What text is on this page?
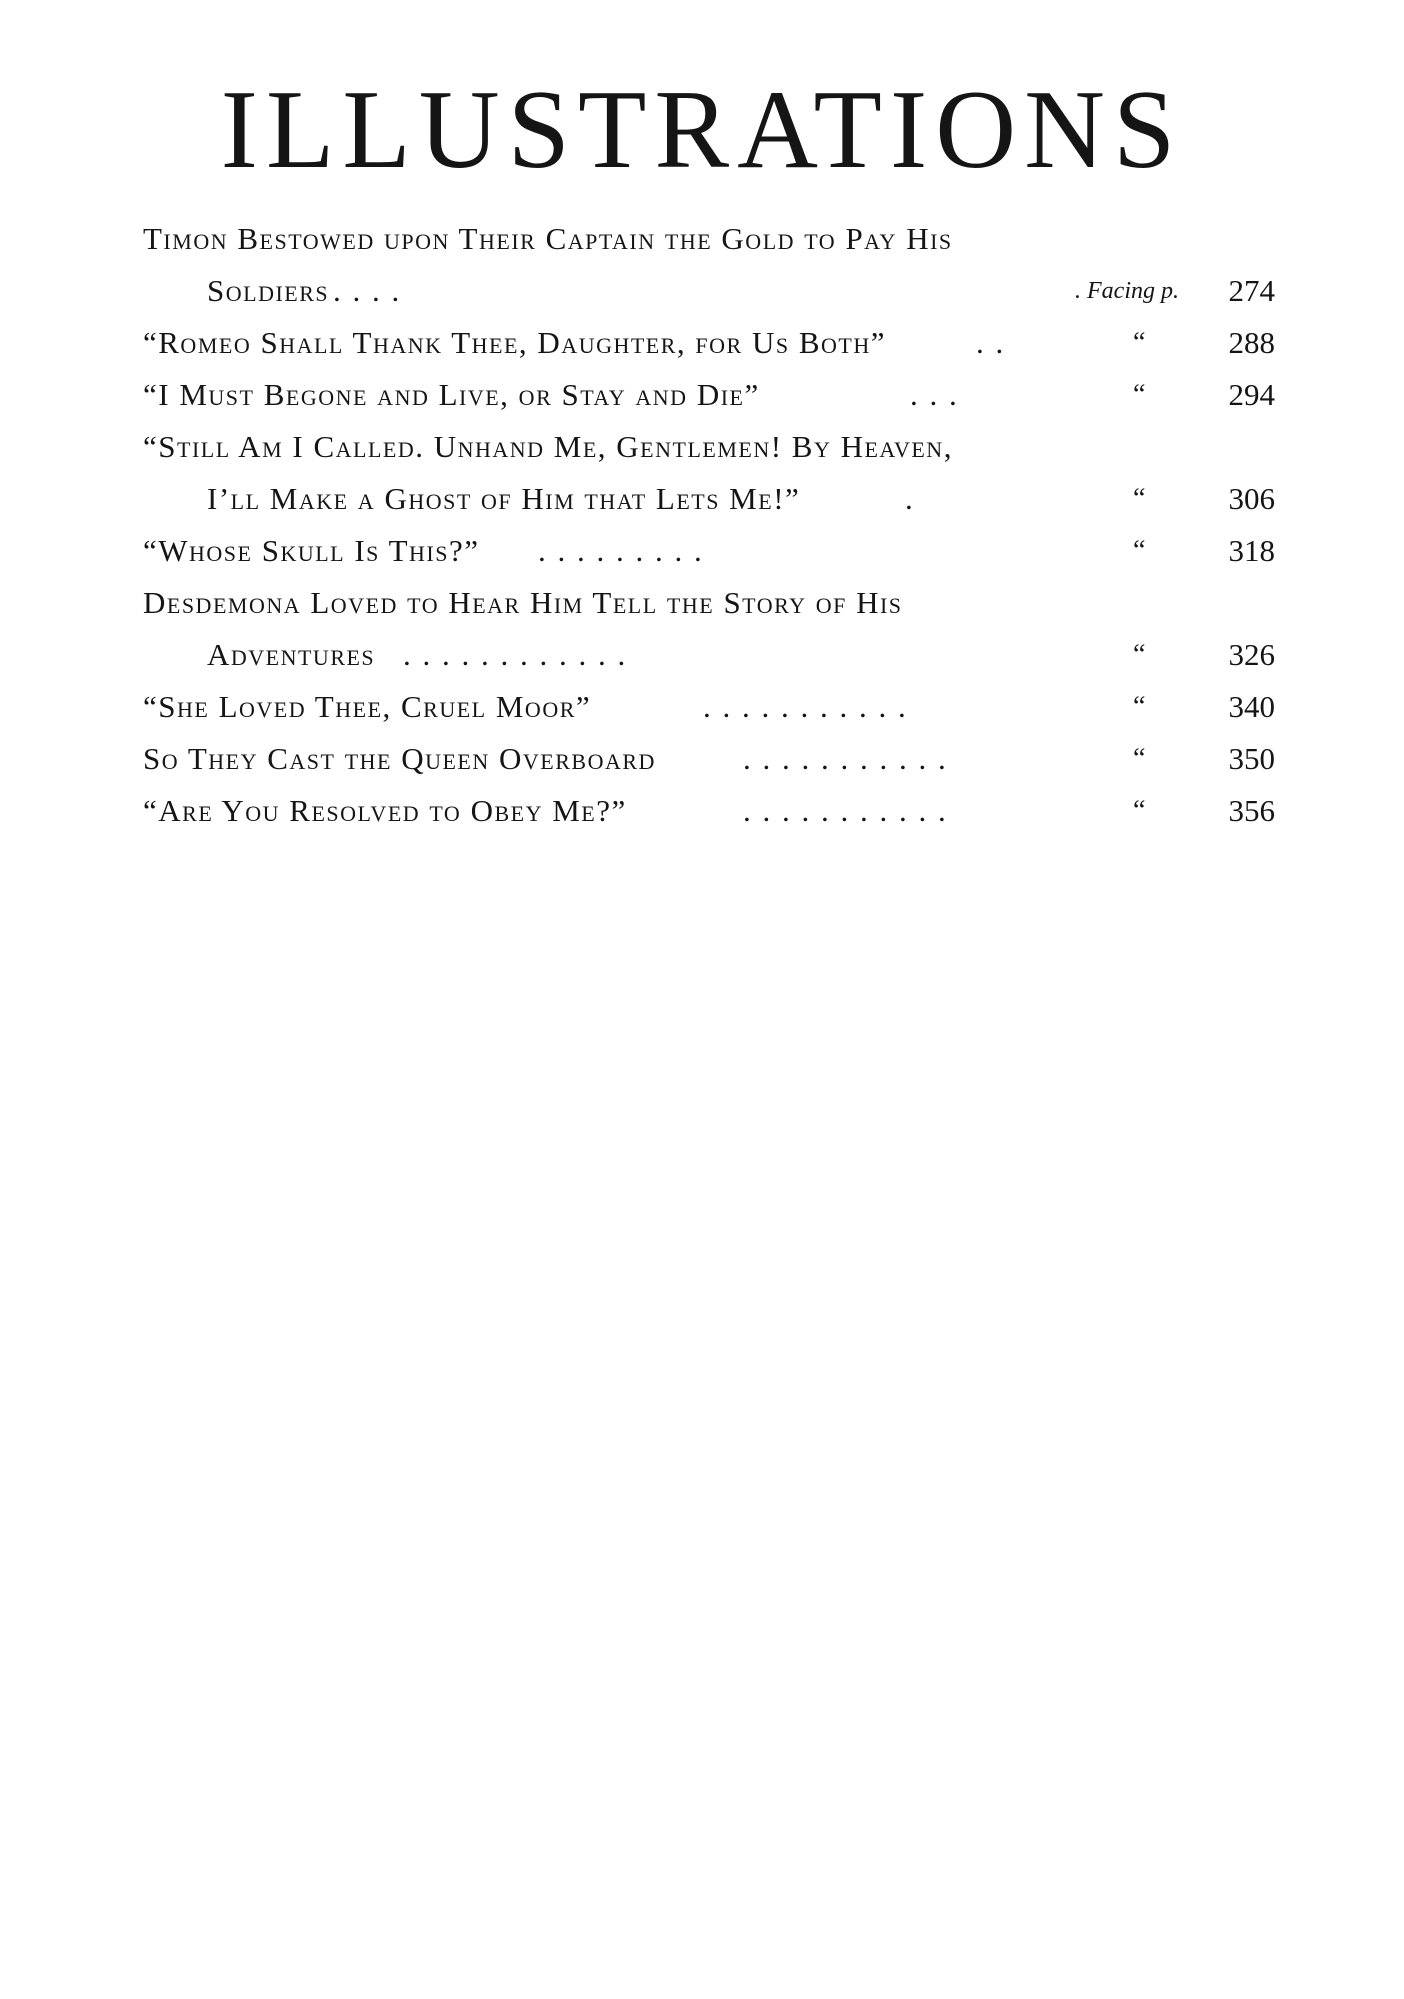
ILLUSTRATIONS
Timon Bestowed upon Their Captain the Gold to Pay His
Soldiers . . . .	. Facing p.	274
“Romeo Shall Thank Thee, Daughter, for Us Both”	. .	“	288
“I Must Begone and Live, or Stay and Die”	. . .	“	294
“Still Am I Called. Unhand Me, Gentlemen! By Heaven,
I’ll Make a Ghost of Him that Lets Me!”	.	“	306
“Whose Skull Is This?” . . . . . . . . .	“	318
Desdemona Loved to Hear Him Tell the Story of His
Adventures . . . . . . . . . . . .	“	326
“She Loved Thee, Cruel Moor”	. . . . . . . . . . .	“	340
So They Cast the Queen Overboard	. . . . . . . . . . .	“	350
“Are You Resolved to Obey Me?”	. . . . . . . . . . .	“	356
